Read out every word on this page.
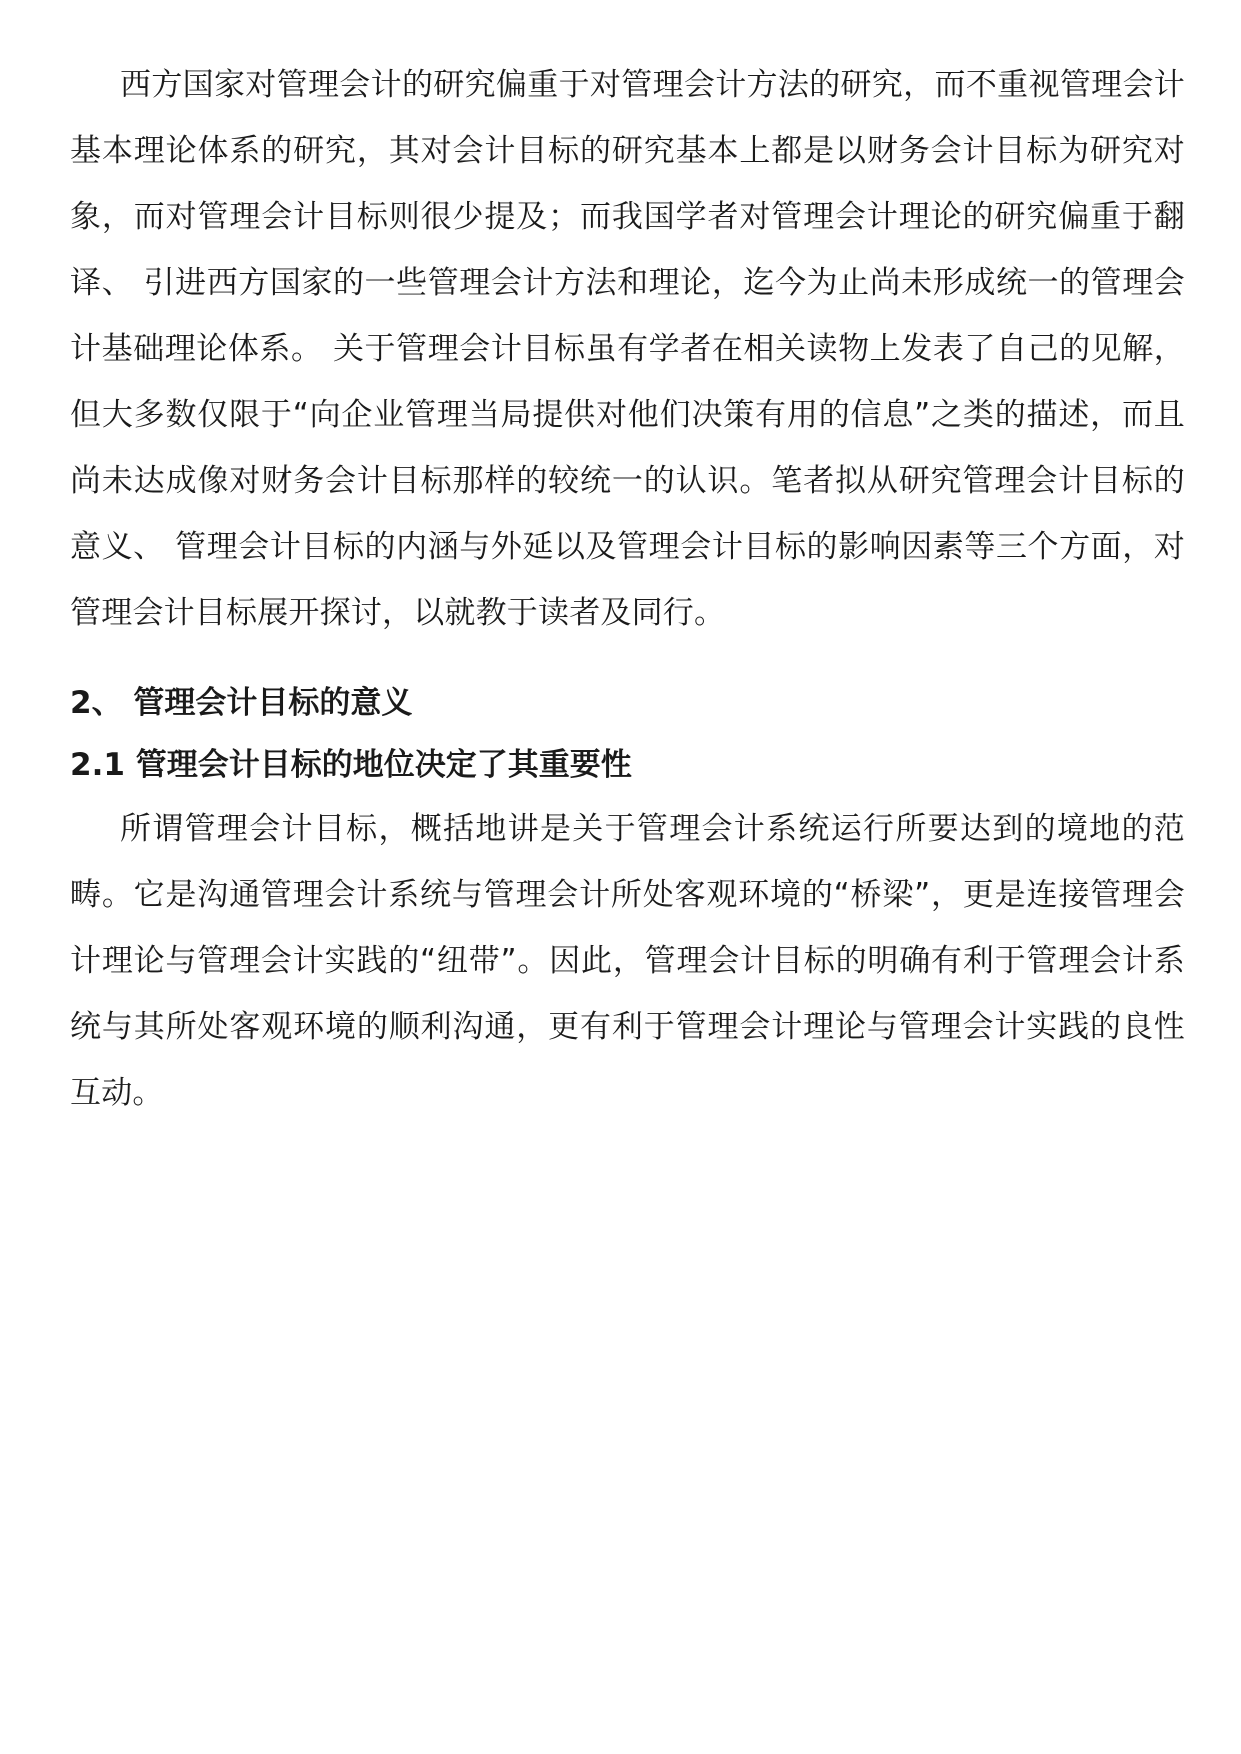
西方国家对管理会计的研究偏重于对管理会计方法的研究，而不重视管理会计基本理论体系的研究，其对会计目标的研究基本上都是以财务会计目标为研究对象，而对管理会计目标则很少提及；而我国学者对管理会计理论的研究偏重于翻译、 引进西方国家的一些管理会计方法和理论，迄今为止尚未形成统一的管理会计基础理论体系。 关于管理会计目标虽有学者在相关读物上发表了自己的见解，但大多数仅限于“向企业管理当局提供对他们决策有用的信息”之类的描述，而且尚未达成像对财务会计目标那样的较统一的认识。笔者拟从研究管理会计目标的意义、 管理会计目标的内涵与外延以及管理会计目标的影响因素等三个方面，对管理会计目标展开探讨，以就教于读者及同行。

2、 管理会计目标的意义
2.1 管理会计目标的地位决定了其重要性

所谓管理会计目标，概括地讲是关于管理会计系统运行所要达到的境地的范畴。它是沟通管理会计系统与管理会计所处客观环境的“桥梁”，更是连接管理会计理论与管理会计实践的“纽带”。因此，管理会计目标的明确有利于管理会计系统与其所处客观环境的顺利沟通，更有利于管理会计理论与管理会计实践的良性互动。
